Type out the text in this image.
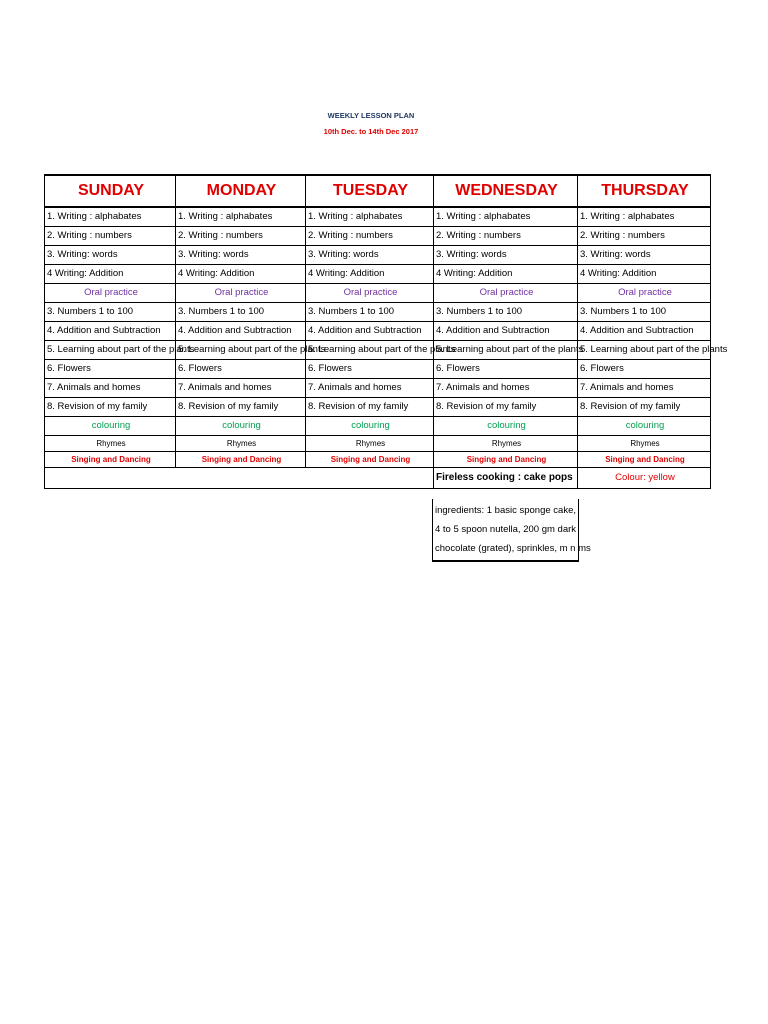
WEEKLY LESSON PLAN
10th Dec. to 14th Dec 2017
SUNDAY	MONDAY	TUESDAY	WEDNESDAY	THURSDAY
1. Writing : alphabates	1. Writing : alphabates	1. Writing : alphabates	1. Writing : alphabates	1. Writing : alphabates
2. Writing : numbers	2. Writing : numbers	2. Writing : numbers	2. Writing : numbers	2. Writing : numbers
3. Writing: words	3. Writing: words	3. Writing: words	3. Writing: words	3. Writing: words
4 Writing: Addition	4 Writing: Addition	4 Writing: Addition	4 Writing: Addition	4 Writing: Addition
Oral practice	Oral practice	Oral practice	Oral practice	Oral practice
3. Numbers 1 to 100	3. Numbers 1 to 100	3. Numbers 1 to 100	3. Numbers 1 to 100	3. Numbers 1 to 100
4. Addition and Subtraction	4. Addition and Subtraction	4. Addition and Subtraction	4. Addition and Subtraction	4. Addition and Subtraction
5. Learning about part of the plants	5. Learning about part of the plants	5. Learning about part of the plants	5. Learning about part of the plants	5. Learning about part of the plants
6. Flowers	6. Flowers	6. Flowers	6. Flowers	6. Flowers
7. Animals and homes	7. Animals and homes	7. Animals and homes	7. Animals and homes	7. Animals and homes
8. Revision of my family	8. Revision of my family	8. Revision of my family	8. Revision of my family	8. Revision of my family
colouring	colouring	colouring	colouring	colouring
Rhymes	Rhymes	Rhymes	Rhymes	Rhymes
Singing and Dancing	Singing and Dancing	Singing and Dancing	Singing and Dancing	Singing and Dancing
			Fireless cooking : cake pops	Colour: yellow
ingredients: 1 basic sponge cake,
4 to 5 spoon nutella, 200 gm dark
chocolate (grated), sprinkles, m n ms
